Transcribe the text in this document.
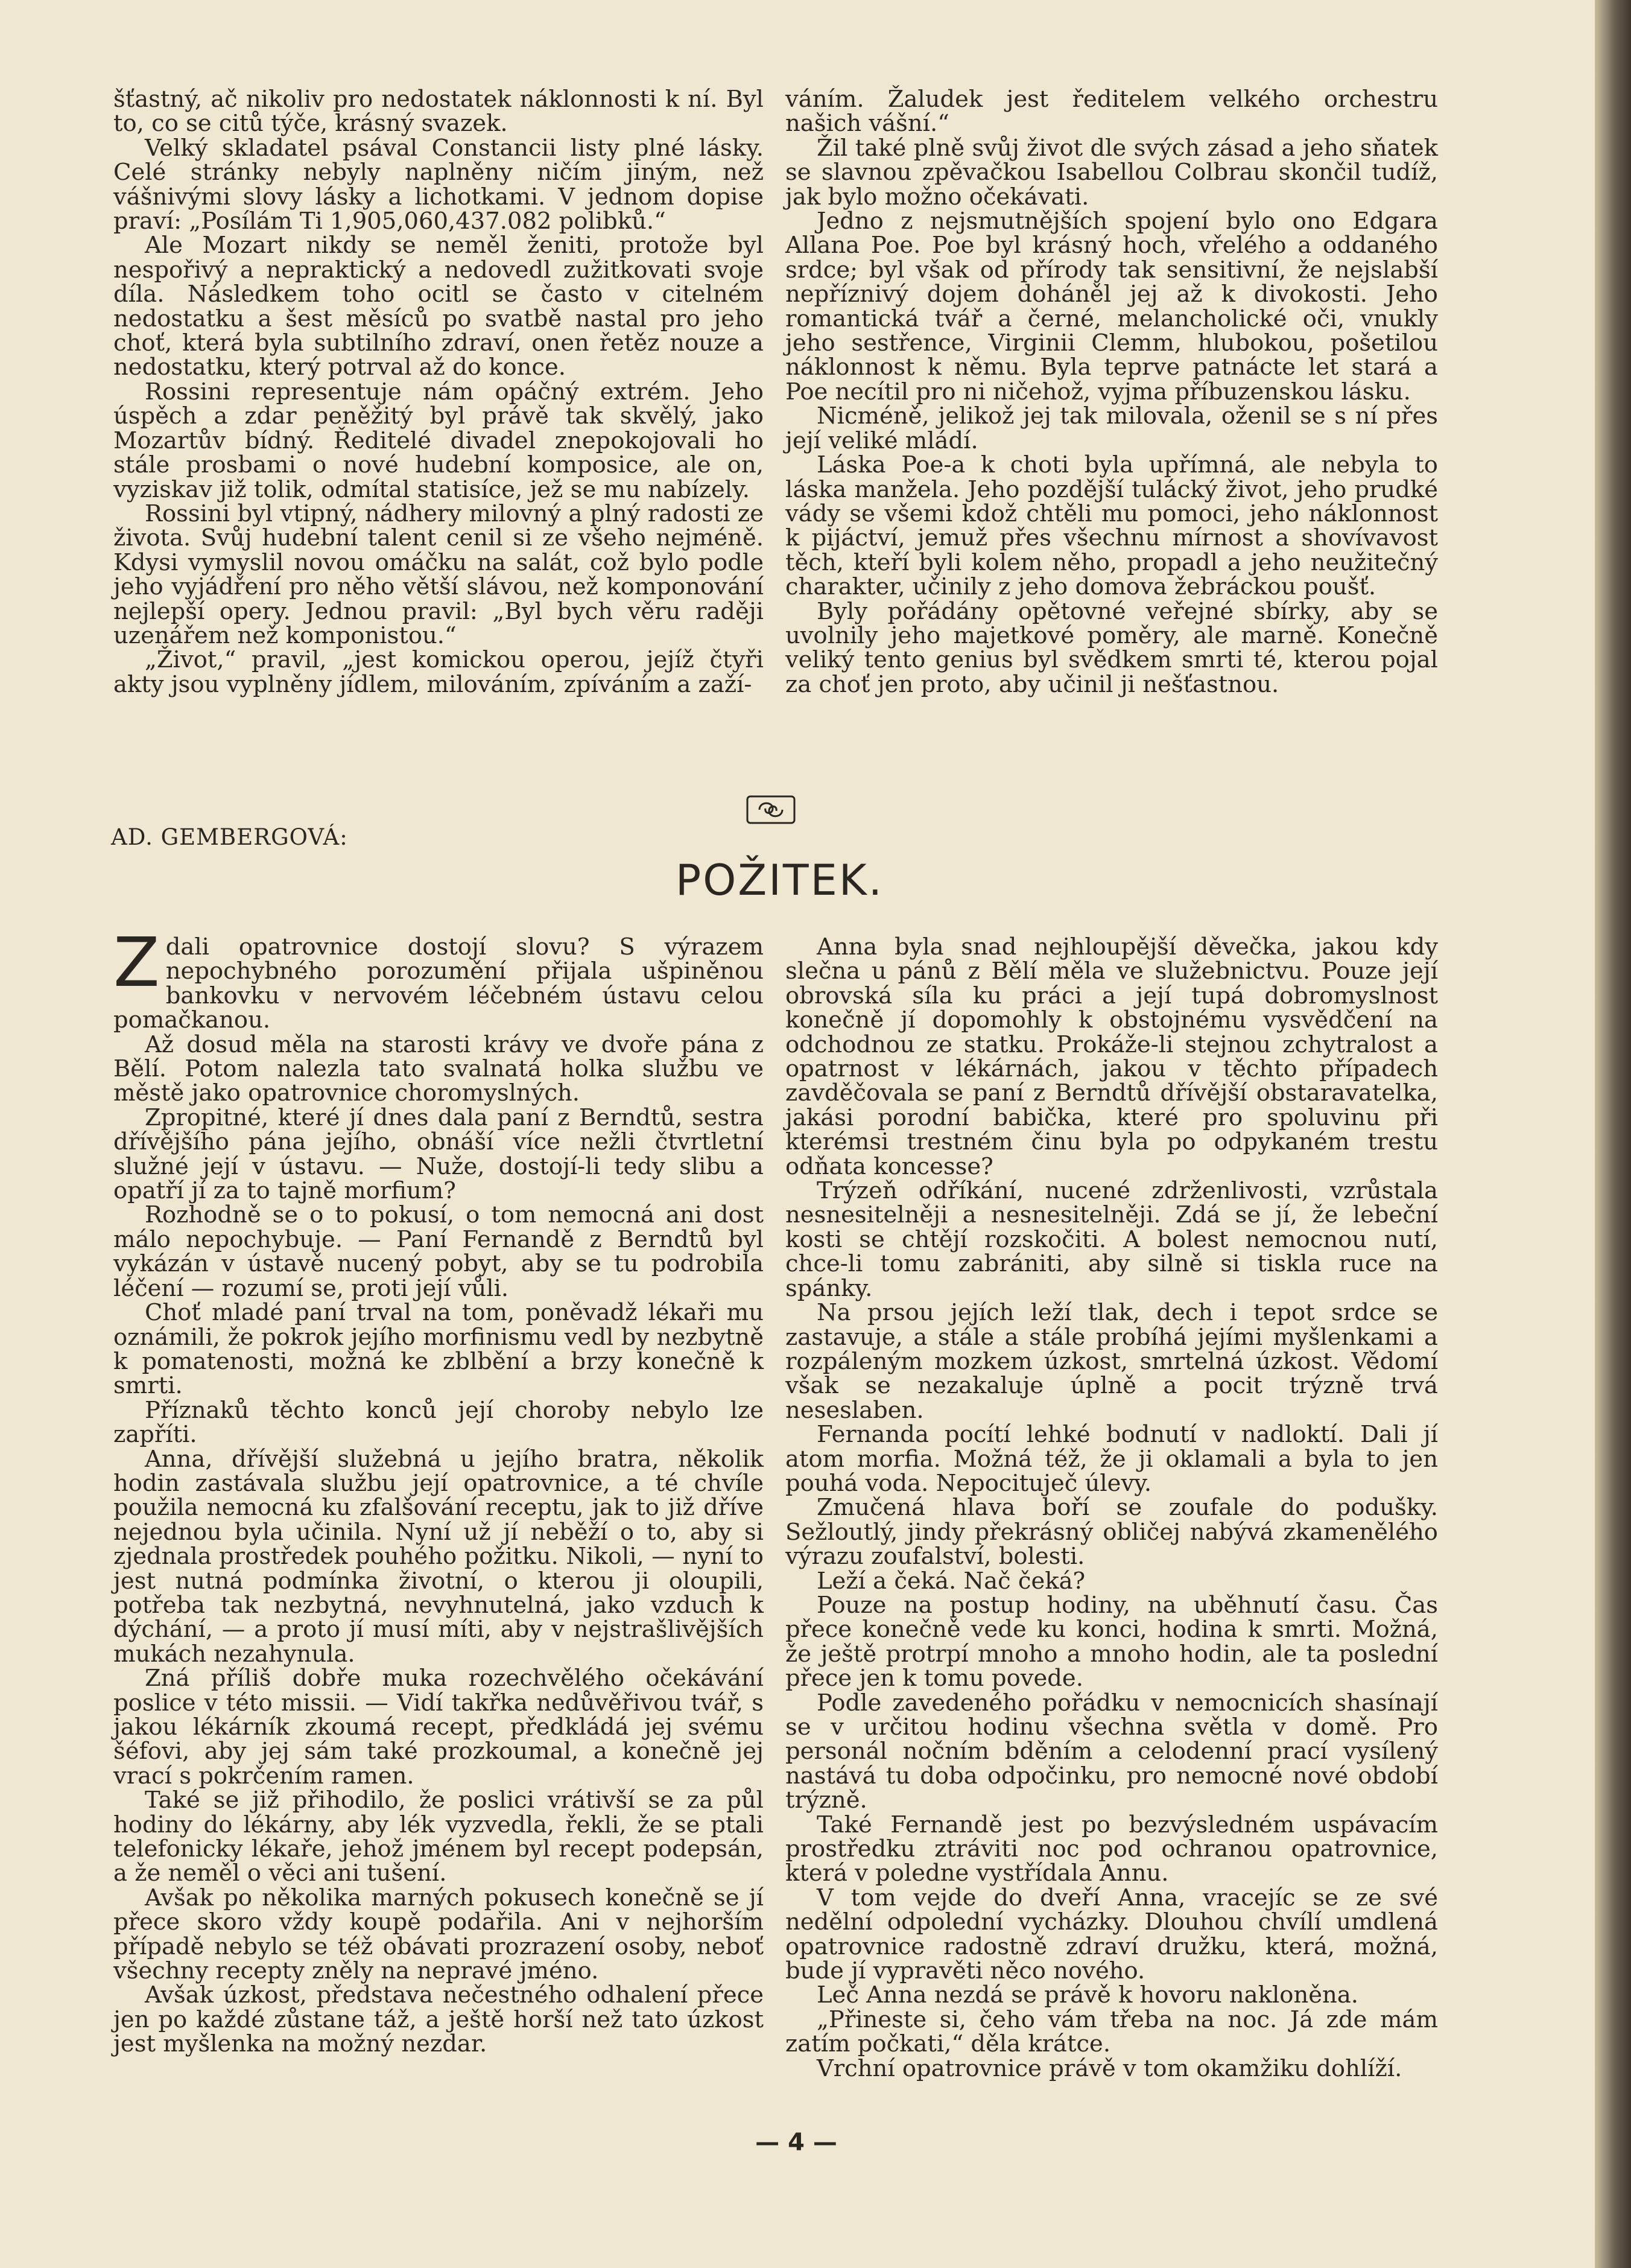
šťastný, ač nikoliv pro nedostatek náklonnosti k ní. Byl to, co se citů týče, krásný svazek.

Velký skladatel psával Constancii listy plné lásky. Celé stránky nebyly naplněny ničím jiným, než vášnivými slovy lásky a lichotkami. V jednom dopise praví: „Posílám Ti 1,905,060,437.082 polibků.“

Ale Mozart nikdy se neměl ženiti, protože byl nespořivý a nepraktický a nedovedl zužitkovati svoje díla. Následkem toho ocitl se často v citelném nedostatku a šest měsíců po svatbě nastal pro jeho choť, která byla subtilního zdraví, onen řetěz nouze a nedostatku, který potrval až do konce.

Rossini representuje nám opáčný extrém. Jeho úspěch a zdar peněžitý byl právě tak skvělý, jako Mozartův bídný. Ředitelé divadel znepokojovali ho stále prosbami o nové hudební komposice, ale on, vyziskav již tolik, odmítal statisíce, jež se mu nabízely.

Rossini byl vtipný, nádhery milovný a plný radosti ze života. Svůj hudební talent cenil si ze všeho nejméně. Kdysi vymyslil novou omáčku na salát, což bylo podle jeho vyjádření pro něho větší slávou, než komponování nejlepší opery. Jednou pravil: „Byl bych věru raději uzenářem než komponistou.“

„Život,“ pravil, „jest komickou operou, jejíž čtyři akty jsou vyplněny jídlem, milováním, zpíváním a zaží-

váním. Žaludek jest ředitelem velkého orchestru našich vášní.“

Žil také plně svůj život dle svých zásad a jeho sňatek se slavnou zpěvačkou Isabellou Colbrau skončil tudíž, jak bylo možno očekávati.

Jedno z nejsmutnějších spojení bylo ono Edgara Allana Poe. Poe byl krásný hoch, vřelého a oddaného srdce; byl však od přírody tak sensitivní, že nejslabší nepříznivý dojem doháněl jej až k divokosti. Jeho romantická tvář a černé, melancholické oči, vnukly jeho sestřence, Virginii Clemm, hlubokou, pošetilou náklonnost k němu. Byla teprve patnácte let stará a Poe necítil pro ni ničehož, vyjma příbuzenskou lásku.

Nicméně, jelikož jej tak milovala, oženil se s ní přes její veliké mládí.

Láska Poe-a k choti byla upřímná, ale nebyla to láska manžela. Jeho pozdější tulácký život, jeho prudké vády se všemi kdož chtěli mu pomoci, jeho náklonnost k pijáctví, jemuž přes všechnu mírnost a shovívavost těch, kteří byli kolem něho, propadl a jeho neužitečný charakter, učinily z jeho domova žebráckou poušť.

Byly pořádány opětovné veřejné sbírky, aby se uvolnily jeho majetkové poměry, ale marně. Konečně veliký tento genius byl svědkem smrti té, kterou pojal za choť jen proto, aby učinil ji nešťastnou.

AD. GEMBERGOVÁ:
POŽITEK.

Zdali opatrovnice dostojí slovu? S výrazem nepochybného porozumění přijala ušpiněnou bankovku v nervovém léčebném ústavu celou pomačkanou.

Až dosud měla na starosti krávy ve dvoře pána z Bělí. Potom nalezla tato svalnatá holka službu ve městě jako opatrovnice choromyslných.

Zpropitné, které jí dnes dala paní z Berndtů, sestra dřívějšího pána jejího, obnáší více nežli čtvrtletní služné její v ústavu. — Nuže, dostojí-li tedy slibu a opatří jí za to tajně morfium?

Rozhodně se o to pokusí, o tom nemocná ani dost málo nepochybuje. — Paní Fernandě z Berndtů byl vykázán v ústavě nucený pobyt, aby se tu podrobila léčení — rozumí se, proti její vůli.

Choť mladé paní trval na tom, poněvadž lékaři mu oznámili, že pokrok jejího morfinismu vedl by nezbytně k pomatenosti, možná ke zblbění a brzy konečně k smrti.

Příznaků těchto konců její choroby nebylo lze zapříti.

Anna, dřívější služebná u jejího bratra, několik hodin zastávala službu její opatrovnice, a té chvíle použila nemocná ku zfalšování receptu, jak to již dříve nejednou byla učinila. Nyní už jí neběží o to, aby si zjednala prostředek pouhého požitku. Nikoli, — nyní to jest nutná podmínka životní, o kterou ji oloupili, potřeba tak nezbytná, nevyhnutelná, jako vzduch k dýchání, — a proto jí musí míti, aby v nejstrašlivějších mukách nezahynula.

Zná příliš dobře muka rozechvělého očekávání poslice v této missii. — Vidí takřka nedůvěřivou tvář, s jakou lékárník zkoumá recept, předkládá jej svému šéfovi, aby jej sám také prozkoumal, a konečně jej vrací s pokrčením ramen.

Také se již přihodilo, že poslici vrátivší se za půl hodiny do lékárny, aby lék vyzvedla, řekli, že se ptali telefonicky lékaře, jehož jménem byl recept podepsán, a že neměl o věci ani tušení.

Avšak po několika marných pokusech konečně se jí přece skoro vždy koupě podařila. Ani v nejhorším případě nebylo se též obávati prozrazení osoby, neboť všechny recepty zněly na nepravé jméno.

Avšak úzkost, představa nečestného odhalení přece jen po každé zůstane táž, a ještě horší než tato úzkost jest myšlenka na možný nezdar.

Anna byla snad nejhloupější děvečka, jakou kdy slečna u pánů z Bělí měla ve služebnictvu. Pouze její obrovská síla ku práci a její tupá dobromyslnost konečně jí dopomohly k obstojnému vysvědčení na odchodnou ze statku. Prokáže-li stejnou zchytralost a opatrnost v lékárnách, jakou v těchto případech zavděčovala se paní z Berndtů dřívější obstaravatelka, jakási porodní babička, které pro spoluvinu při kterémsi trestném činu byla po odpykaném trestu odňata koncesse?

Trýzeň odříkání, nucené zdrženlivosti, vzrůstala nesnesitelněji a nesnesitelněji. Zdá se jí, že lebeční kosti se chtějí rozskočiti. A bolest nemocnou nutí, chce-li tomu zabrániti, aby silně si tiskla ruce na spánky.

Na prsou jejích leží tlak, dech i tepot srdce se zastavuje, a stále a stále probíhá jejími myšlenkami a rozpáleným mozkem úzkost, smrtelná úzkost. Vědomí však se nezakaluje úplně a pocit trýzně trvá neseslaben.

Fernanda pocítí lehké bodnutí v nadloktí. Dali jí atom morfia. Možná též, že ji oklamali a byla to jen pouhá voda. Nepocituječ úlevy.

Zmučená hlava boří se zoufale do podušky. Sežloutlý, jindy překrásný obličej nabývá zkamenělého výrazu zoufalství, bolesti.

Leží a čeká. Nač čeká?

Pouze na postup hodiny, na uběhnutí času. Čas přece konečně vede ku konci, hodina k smrti. Možná, že ještě protrpí mnoho a mnoho hodin, ale ta poslední přece jen k tomu povede.

Podle zavedeného pořádku v nemocnicích shasínají se v určitou hodinu všechna světla v domě. Pro personál nočním bděním a celodenní prací vysílený nastává tu doba odpočinku, pro nemocné nové období trýzně.

Také Fernandě jest po bezvýsledném uspávacím prostředku ztráviti noc pod ochranou opatrovnice, která v poledne vystřídala Annu.

V tom vejde do dveří Anna, vracejíc se ze své nedělní odpolední vycházky. Dlouhou chvílí umdlená opatrovnice radostně zdraví družku, která, možná, bude jí vypravěti něco nového.

Leč Anna nezdá se právě k hovoru nakloněna.

„Přineste si, čeho vám třeba na noc. Já zde mám zatím počkati,“ děla krátce.

Vrchní opatrovnice právě v tom okamžiku dohlíží.

— 4 —
